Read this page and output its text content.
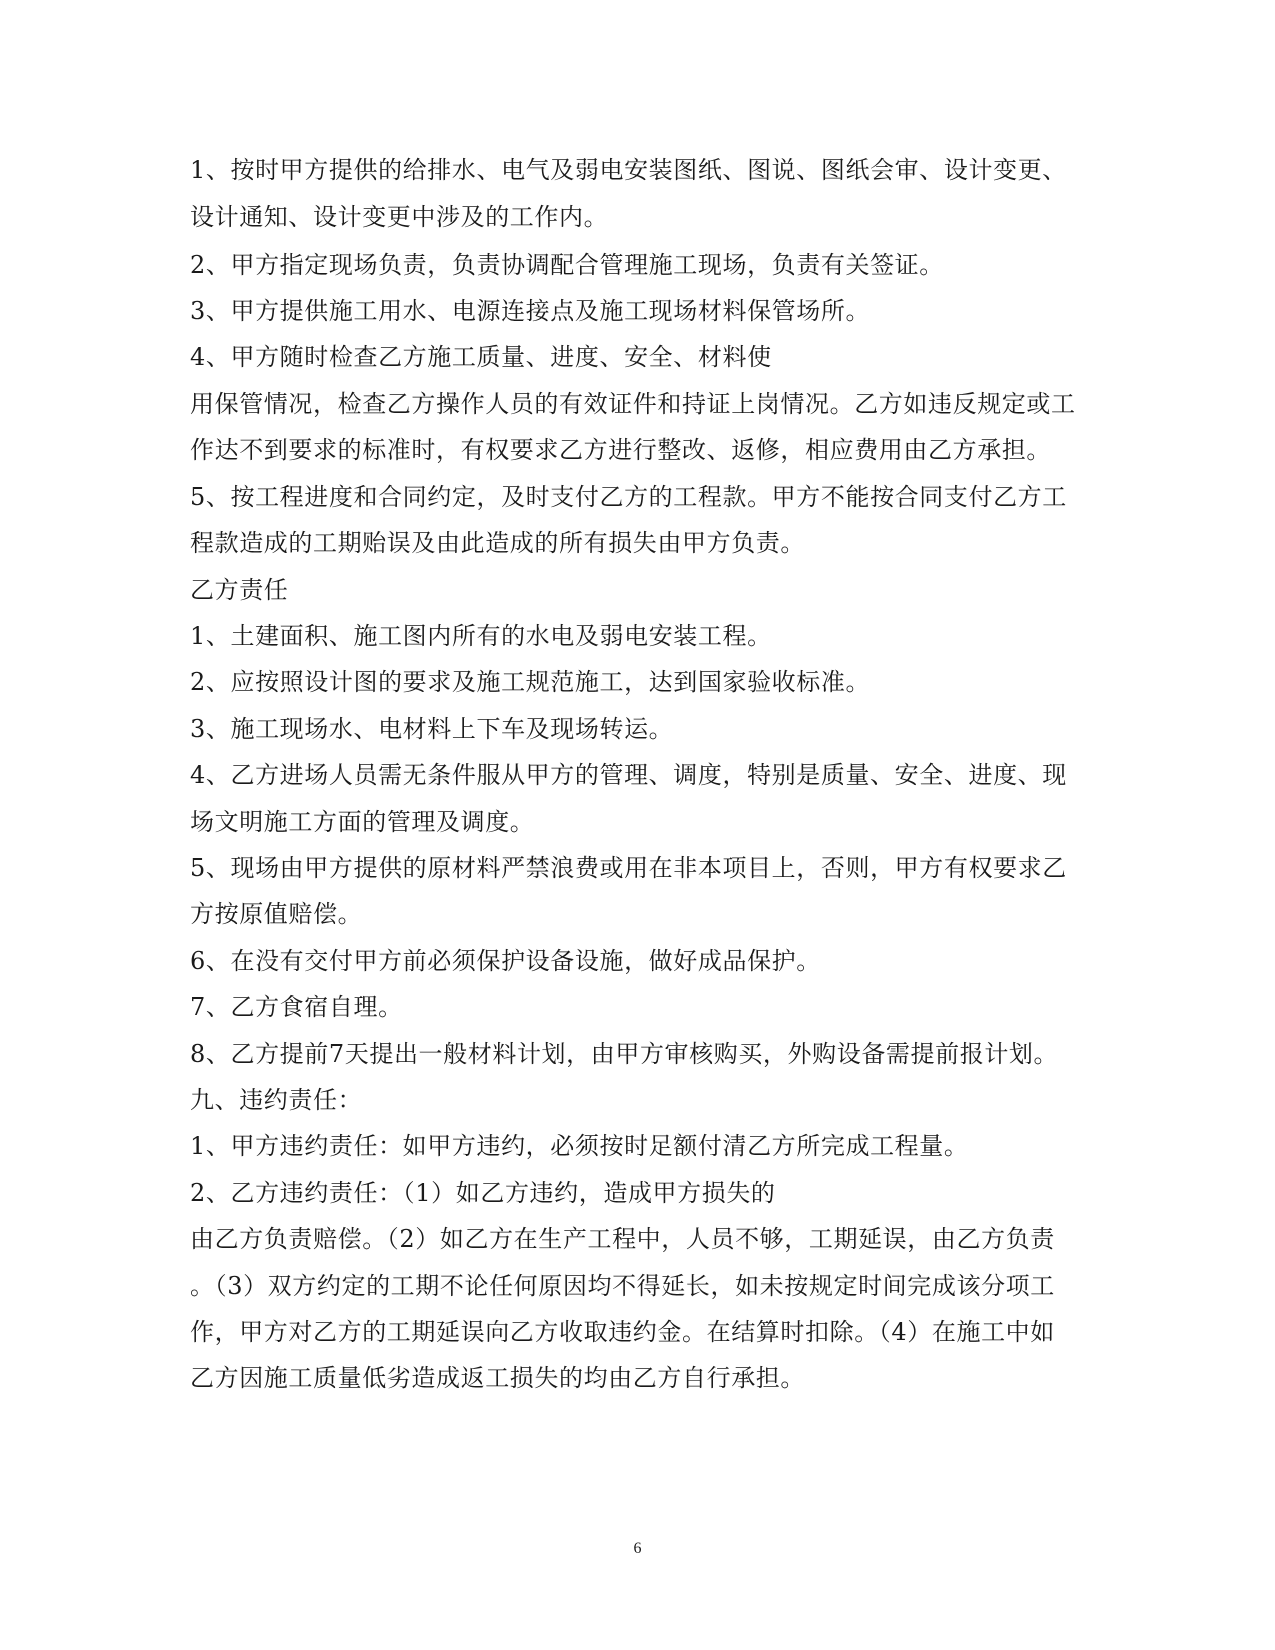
1、按时甲方提供的给排水、电气及弱电安装图纸、图说、图纸会审、设计变更、
设计通知、设计变更中涉及的工作内。
2、甲方指定现场负责，负责协调配合管理施工现场，负责有关签证。
3、甲方提供施工用水、电源连接点及施工现场材料保管场所。
4、甲方随时检查乙方施工质量、进度、安全、材料使
用保管情况，检查乙方操作人员的有效证件和持证上岗情况。乙方如违反规定或工
作达不到要求的标准时，有权要求乙方进行整改、返修，相应费用由乙方承担。
5、按工程进度和合同约定，及时支付乙方的工程款。甲方不能按合同支付乙方工
程款造成的工期贻误及由此造成的所有损失由甲方负责。
乙方责任
1、土建面积、施工图内所有的水电及弱电安装工程。
2、应按照设计图的要求及施工规范施工，达到国家验收标准。
3、施工现场水、电材料上下车及现场转运。
4、乙方进场人员需无条件服从甲方的管理、调度，特别是质量、安全、进度、现
场文明施工方面的管理及调度。
5、现场由甲方提供的原材料严禁浪费或用在非本项目上，否则，甲方有权要求乙
方按原值赔偿。
6、在没有交付甲方前必须保护设备设施，做好成品保护。
7、乙方食宿自理。
8、乙方提前7天提出一般材料计划，由甲方审核购买，外购设备需提前报计划。
九、违约责任：
1、甲方违约责任：如甲方违约，必须按时足额付清乙方所完成工程量。
2、乙方违约责任：（1）如乙方违约，造成甲方损失的
由乙方负责赔偿。（2）如乙方在生产工程中，人员不够，工期延误，由乙方负责
。（3）双方约定的工期不论任何原因均不得延长，如未按规定时间完成该分项工
作，甲方对乙方的工期延误向乙方收取违约金。在结算时扣除。（4）在施工中如
乙方因施工质量低劣造成返工损失的均由乙方自行承担。
6
